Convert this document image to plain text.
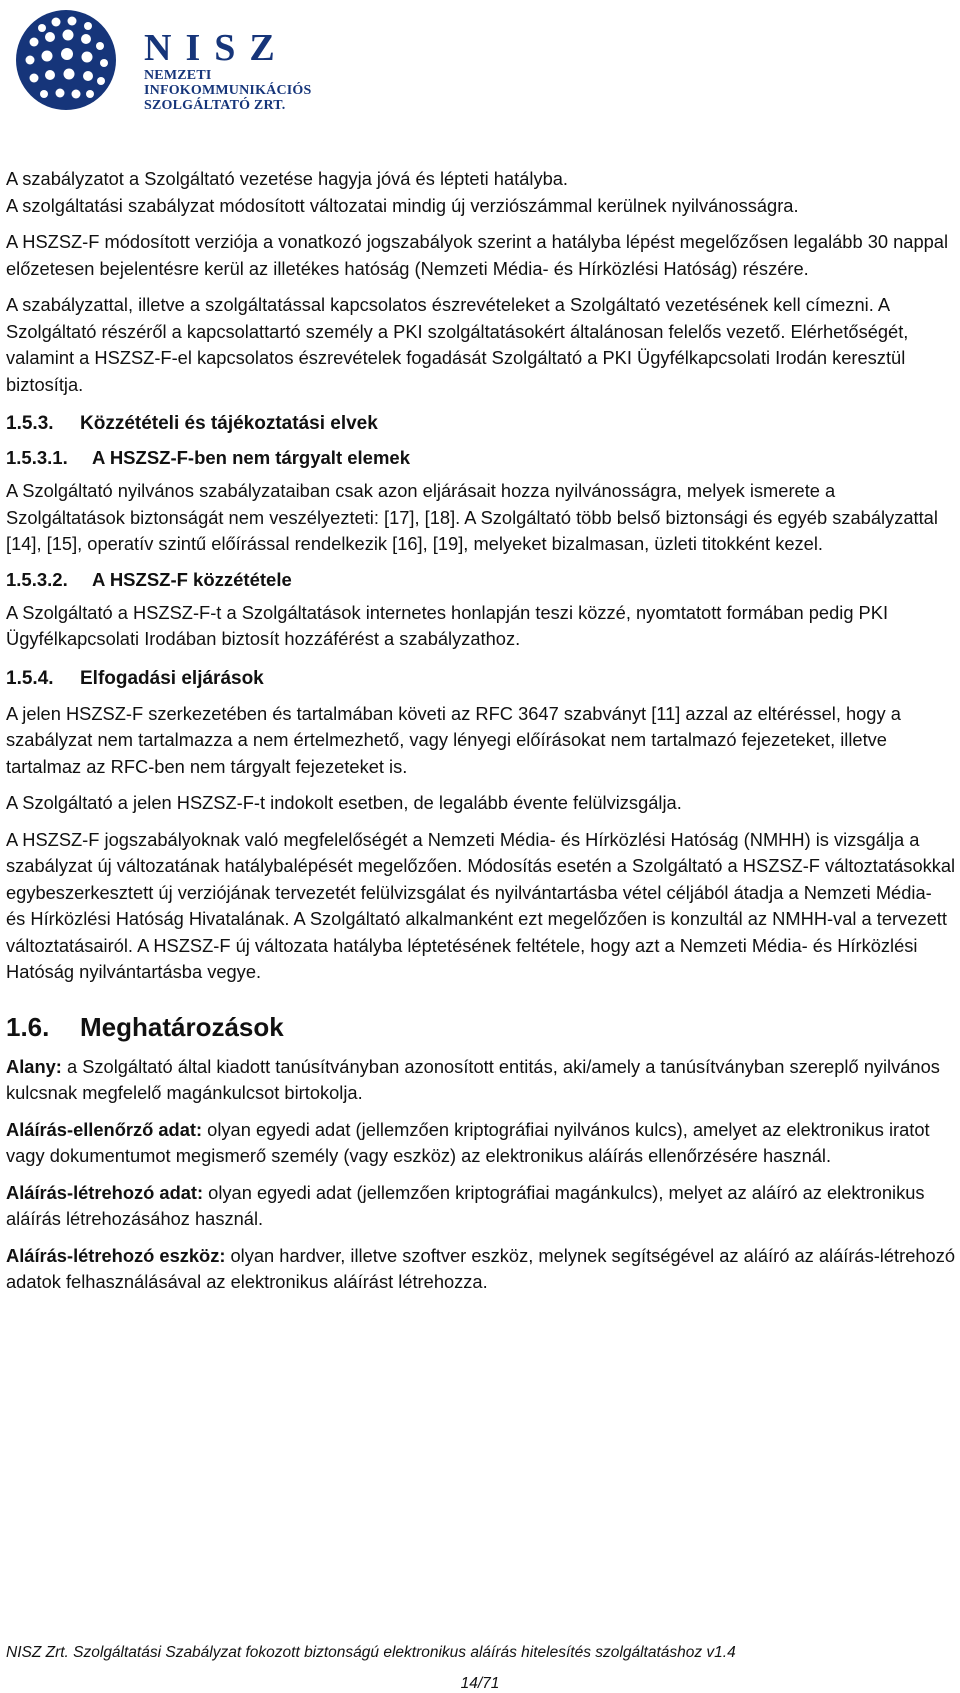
NISZ
NEMZETI INFOKOMMUNIKÁCIÓS
SZOLGÁLTATÓ ZRT.

A szabályzatot a Szolgáltató vezetése hagyja jóvá és lépteti hatályba.

A szolgáltatási szabályzat módosított változatai mindig új verziószámmal kerülnek nyilvánosságra.

A HSZSZ-F módosított verziója a vonatkozó jogszabályok szerint a hatályba lépést megelőzősen legalább 30 nappal előzetesen bejelentésre kerül az illetékes hatóság (Nemzeti Média- és Hírközlési Hatóság) részére.

A szabályzattal, illetve a szolgáltatással kapcsolatos észrevételeket a Szolgáltató vezetésének kell címezni. A Szolgáltató részéről a kapcsolattartó személy a PKI szolgáltatásokért általánosan felelős vezető. Elérhetőségét, valamint a HSZSZ-F-el kapcsolatos észrevételek fogadását Szolgáltató a PKI Ügyfélkapcsolati Irodán keresztül biztosítja.

1.5.3. Közzétételi és tájékoztatási elvek
1.5.3.1. A HSZSZ-F-ben nem tárgyalt elemek

A Szolgáltató nyilvános szabályzataiban csak azon eljárásait hozza nyilvánosságra, melyek ismerete a Szolgáltatások biztonságát nem veszélyezteti: [17], [18]. A Szolgáltató több belső biztonsági és egyéb szabályzattal [14], [15], operatív szintű előírással rendelkezik [16], [19], melyeket bizalmasan, üzleti titokként kezel.

1.5.3.2. A HSZSZ-F közzététele

A Szolgáltató a HSZSZ-F-t a Szolgáltatások internetes honlapján teszi közzé, nyomtatott formában pedig PKI Ügyfélkapcsolati Irodában biztosít hozzáférést a szabályzathoz.

1.5.4. Elfogadási eljárások

A jelen HSZSZ-F szerkezetében és tartalmában követi az RFC 3647 szabványt [11] azzal az eltéréssel, hogy a szabályzat nem tartalmazza a nem értelmezhető, vagy lényegi előírásokat nem tartalmazó fejezeteket, illetve tartalmaz az RFC-ben nem tárgyalt fejezeteket is.

A Szolgáltató a jelen HSZSZ-F-t indokolt esetben, de legalább évente felülvizsgálja.

A HSZSZ-F jogszabályoknak való megfelelőségét a Nemzeti Média- és Hírközlési Hatóság (NMHH) is vizsgálja a szabályzat új változatának hatálybalépését megelőzően. Módosítás esetén a Szolgáltató a HSZSZ-F változtatásokkal egybeszerkesztett új verziójának tervezetét felülvizsgálat és nyilvántartásba vétel céljából átadja a Nemzeti Média- és Hírközlési Hatóság Hivatalának. A Szolgáltató alkalmanként ezt megelőzően is konzultál az NMHH-val a tervezett változtatásairól. A HSZSZ-F új változata hatályba léptetésének feltétele, hogy azt a Nemzeti Média- és Hírközlési Hatóság nyilvántartásba vegye.

1.6. Meghatározások

Alany: a Szolgáltató által kiadott tanúsítványban azonosított entitás, aki/amely a tanúsítványban szereplő nyilvános kulcsnak megfelelő magánkulcsot birtokolja.

Aláírás-ellenőrző adat: olyan egyedi adat (jellemzően kriptográfiai nyilvános kulcs), amelyet az elektronikus iratot vagy dokumentumot megismerő személy (vagy eszköz) az elektronikus aláírás ellenőrzésére használ.

Aláírás-létrehozó adat: olyan egyedi adat (jellemzően kriptográfiai magánkulcs), melyet az aláíró az elektronikus aláírás létrehozásához használ.

Aláírás-létrehozó eszköz: olyan hardver, illetve szoftver eszköz, melynek segítségével az aláíró az aláírás-létrehozó adatok felhasználásával az elektronikus aláírást létrehozza.

NISZ Zrt. Szolgáltatási Szabályzat fokozott biztonságú elektronikus aláírás hitelesítés szolgáltatáshoz v1.4
14/71
